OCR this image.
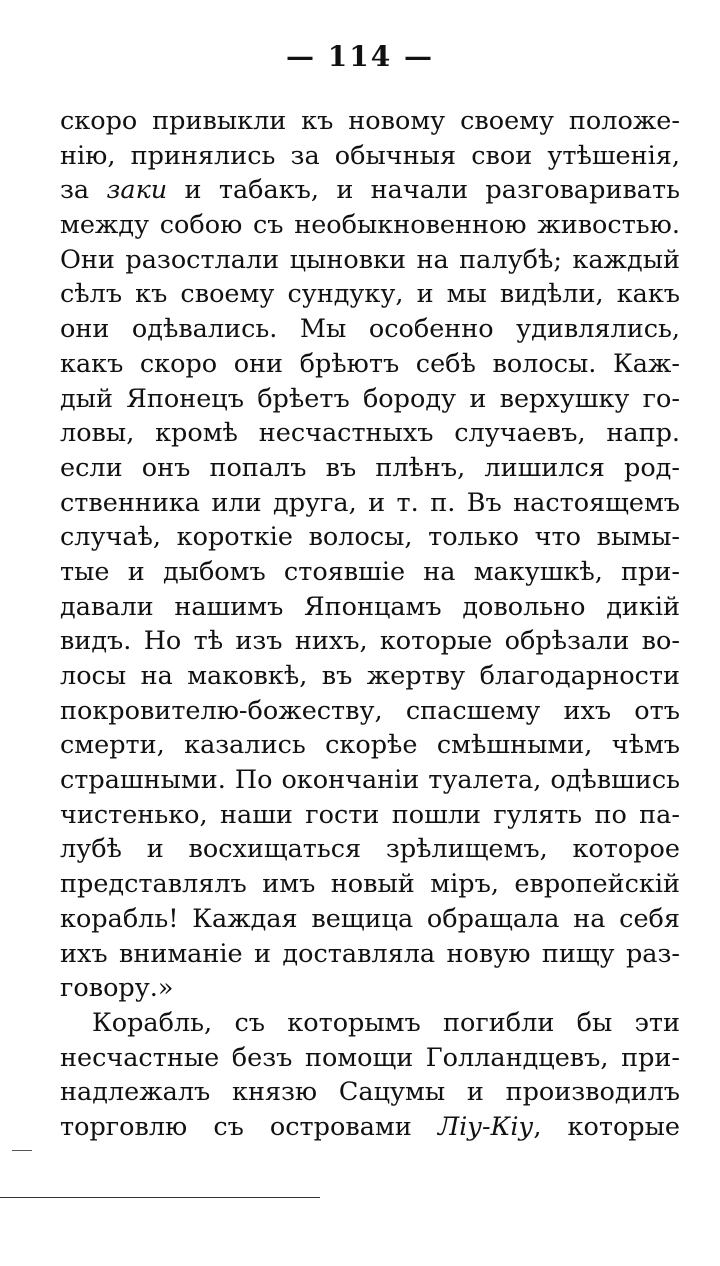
— 114 —
скоро привыкли къ новому своему положе-
нію, принялись за обычныя свои утѣшенія,
за заки и табакъ, и начали разговаривать
между собою съ необыкновенною живостью.
Они разостлали цыновки на палубѣ; каждый
сѣлъ къ своему сундуку, и мы видѣли, какъ
они одѣвались. Мы особенно удивлялись,
какъ скоро они брѣютъ себѣ волосы. Каж-
дый Японецъ брѣетъ бороду и верхушку го-
ловы, кромѣ несчастныхъ случаевъ, напр.
если онъ попалъ въ плѣнъ, лишился род-
ственника или друга, и т. п. Въ настоящемъ
случаѣ, короткіе волосы, только что вымы-
тые и дыбомъ стоявшіе на макушкѣ, при-
давали нашимъ Японцамъ довольно дикій
видъ. Но тѣ изъ нихъ, которые обрѣзали во-
лосы на маковкѣ, въ жертву благодарности
покровителю-божеству, спасшему ихъ отъ
смерти, казались скорѣе смѣшными, чѣмъ
страшными. По окончаніи туалета, одѣвшись
чистенько, наши гости пошли гулять по па-
лубѣ и восхищаться зрѣлищемъ, которое
представлялъ имъ новый міръ, европейскій
корабль! Каждая вещица обращала на себя
ихъ вниманіе и доставляла новую пищу раз-
говору.»
Корабль, съ которымъ погибли бы эти
несчастные безъ помощи Голландцевъ, при-
надлежалъ князю Сацумы и производилъ
торговлю съ островами Ліу-Кіу, которые
